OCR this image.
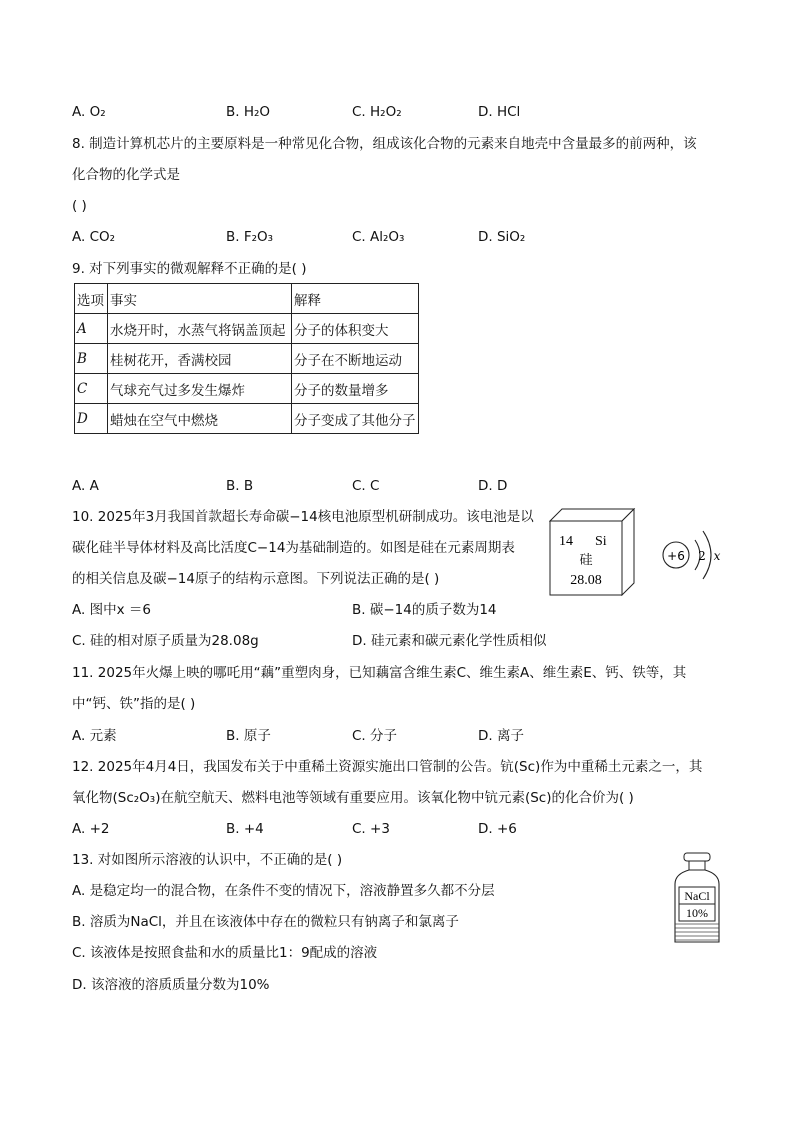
A. O₂	B. H₂O	C. H₂O₂	D. HCl
8. 制造计算机芯片的主要原料是一种常见化合物，组成该化合物的元素来自地壳中含量最多的前两种，该
化合物的化学式是
( )
A. CO₂	B. F₂O₃	C. Al₂O₃	D. SiO₂
9. 对下列事实的微观解释不正确的是( )
选项	事实	解释
A	水烧开时，水蒸气将锅盖顶起	分子的体积变大
B	桂树花开，香满校园	分子在不断地运动
C	气球充气过多发生爆炸	分子的数量增多
D	蜡烛在空气中燃烧	分子变成了其他分子
A. A	B. B	C. C	D. D
10. 2025年3月我国首款超长寿命碳−14核电池原型机研制成功。该电池是以
碳化硅半导体材料及高比活度C−14为基础制造的。如图是硅在元素周期表
的相关信息及碳−14原子的结构示意图。下列说法正确的是( )
A. 图中x ＝6	B. 碳−14的质子数为14
C. 硅的相对原子质量为28.08g	D. 硅元素和碳元素化学性质相似
14 Si
硅
28.08
+6 2 x
11. 2025年火爆上映的哪吒用“藕”重塑肉身，已知藕富含维生素C、维生素A、维生素E、钙、铁等，其
中“钙、铁”指的是( )
A. 元素	B. 原子	C. 分子	D. 离子
12. 2025年4月4日，我国发布关于中重稀土资源实施出口管制的公告。钪(Sc)作为中重稀土元素之一，其
氧化物(Sc₂O₃)在航空航天、燃料电池等领域有重要应用。该氧化物中钪元素(Sc)的化合价为( )
A. +2	B. +4	C. +3	D. +6
13. 对如图所示溶液的认识中，不正确的是( )
A. 是稳定均一的混合物，在条件不变的情况下，溶液静置多久都不分层
B. 溶质为NaCl，并且在该液体中存在的微粒只有钠离子和氯离子
C. 该液体是按照食盐和水的质量比1：9配成的溶液
D. 该溶液的溶质质量分数为10%
NaCl
10%
